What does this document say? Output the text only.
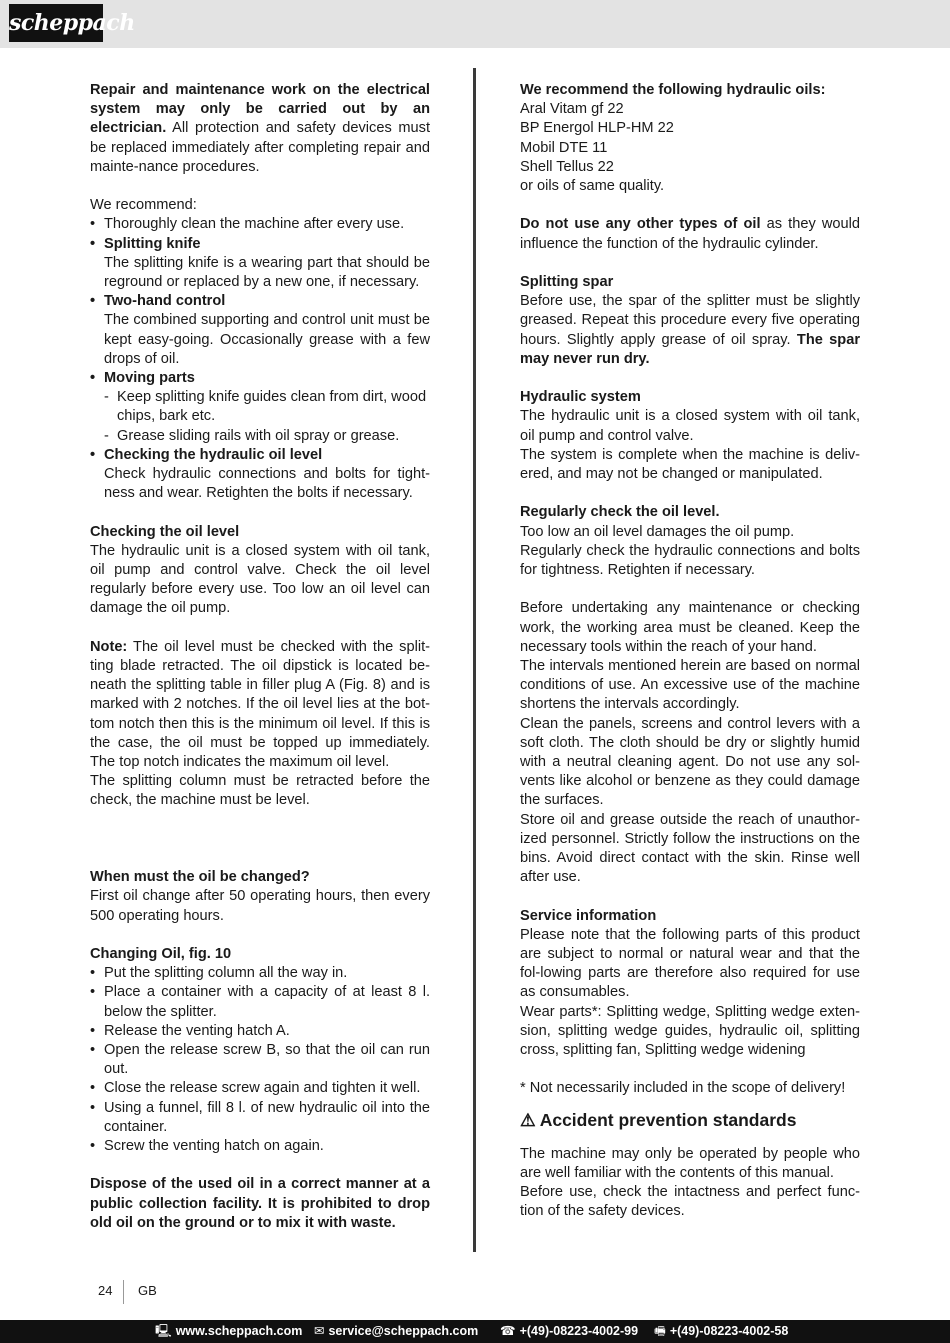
scheppach

Repair and maintenance work on the electrical system may only be carried out by an electrician. All protection and safety devices must be replaced immediately after completing repair and mainte-nance procedures.

We recommend:

• Thoroughly clean the machine after every use.
• Splitting knife

The splitting knife is a wearing part that should be reground or replaced by a new one, if necessary.

• Two-hand control

The combined supporting and control unit must be kept easy-going. Occasionally grease with a few drops of oil.

• Moving parts
- Keep splitting knife guides clean from dirt, wood chips, bark etc.
- Grease sliding rails with oil spray or grease.
• Checking the hydraulic oil level

Check hydraulic connections and bolts for tight-ness and wear. Retighten the bolts if necessary.

Checking the oil level

The hydraulic unit is a closed system with oil tank, oil pump and control valve. Check the oil level regularly before every use. Too low an oil level can damage the oil pump.

Note: The oil level must be checked with the split-ting blade retracted. The oil dipstick is located be-neath the splitting table in filler plug A (Fig. 8) and is marked with 2 notches. If the oil level lies at the bot-tom notch then this is the minimum oil level. If this is the case, the oil must be topped up immediately. The top notch indicates the maximum oil level.

The splitting column must be retracted before the check, the machine must be level.

When must the oil be changed?

First oil change after 50 operating hours, then every 500 operating hours.

Changing Oil, fig. 10

• Put the splitting column all the way in.
• Place a container with a capacity of at least 8 l. below the splitter.
• Release the venting hatch A.
• Open the release screw B, so that the oil can run out.
• Close the release screw again and tighten it well.
• Using a funnel, fill 8 l. of new hydraulic oil into the container.
• Screw the venting hatch on again.

Dispose of the used oil in a correct manner at a public collection facility. It is prohibited to drop old oil on the ground or to mix it with waste.

We recommend the following hydraulic oils:

Aral Vitam gf 22

BP Energol HLP-HM 22

Mobil DTE 11

Shell Tellus 22

or oils of same quality.

Do not use any other types of oil as they would influence the function of the hydraulic cylinder.

Splitting spar

Before use, the spar of the splitter must be slightly greased. Repeat this procedure every five operating hours. Slightly apply grease of oil spray. The spar may never run dry.

Hydraulic system

The hydraulic unit is a closed system with oil tank, oil pump and control valve.

The system is complete when the machine is deliv-ered, and may not be changed or manipulated.

Regularly check the oil level.

Too low an oil level damages the oil pump.

Regularly check the hydraulic connections and bolts for tightness. Retighten if necessary.

Before undertaking any maintenance or checking work, the working area must be cleaned. Keep the necessary tools within the reach of your hand.

The intervals mentioned herein are based on normal conditions of use. An excessive use of the machine shortens the intervals accordingly.

Clean the panels, screens and control levers with a soft cloth. The cloth should be dry or slightly humid with a neutral cleaning agent. Do not use any sol-vents like alcohol or benzene as they could damage the surfaces.

Store oil and grease outside the reach of unauthor-ized personnel. Strictly follow the instructions on the bins. Avoid direct contact with the skin. Rinse well after use.

Service information

Please note that the following parts of this product are subject to normal or natural wear and that the fol-lowing parts are therefore also required for use as consumables.

Wear parts*: Splitting wedge, Splitting wedge exten-sion, splitting wedge guides, hydraulic oil, splitting cross, splitting fan, Splitting wedge widening

* Not necessarily included in the scope of delivery!

⚠ Accident prevention standards

The machine may only be operated by people who are well familiar with the contents of this manual.

Before use, check the intactness and perfect func-tion of the safety devices.

24 GB
🖳 www.scheppach.com ✉ service@scheppach.com ☎ +(49)-08223-4002-99 🖷 +(49)-08223-4002-58
